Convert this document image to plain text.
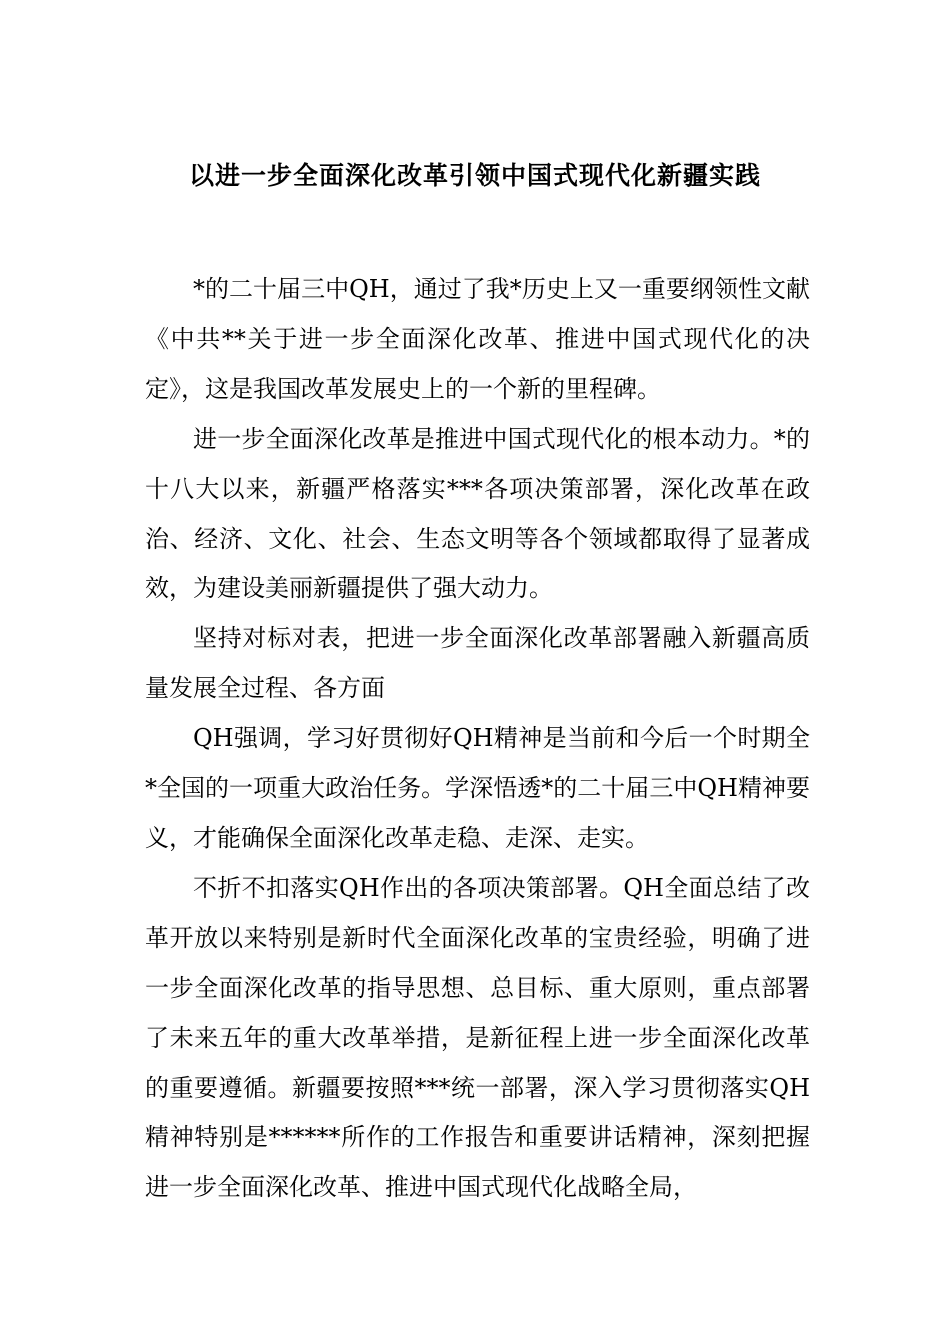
以进一步全面深化改革引领中国式现代化新疆实践

*的二十届三中QH，通过了我*历史上又一重要纲领性文献《中共**关于进一步全面深化改革、推进中国式现代化的决定》，这是我国改革发展史上的一个新的里程碑。

进一步全面深化改革是推进中国式现代化的根本动力。*的十八大以来，新疆严格落实***各项决策部署，深化改革在政治、经济、文化、社会、生态文明等各个领域都取得了显著成效，为建设美丽新疆提供了强大动力。

坚持对标对表，把进一步全面深化改革部署融入新疆高质量发展全过程、各方面

QH强调，学习好贯彻好QH精神是当前和今后一个时期全*全国的一项重大政治任务。学深悟透*的二十届三中QH精神要义，才能确保全面深化改革走稳、走深、走实。

不折不扣落实QH作出的各项决策部署。QH全面总结了改革开放以来特别是新时代全面深化改革的宝贵经验，明确了进一步全面深化改革的指导思想、总目标、重大原则，重点部署了未来五年的重大改革举措，是新征程上进一步全面深化改革的重要遵循。新疆要按照***统一部署，深入学习贯彻落实QH精神特别是******所作的工作报告和重要讲话精神，深刻把握进一步全面深化改革、推进中国式现代化战略全局，
